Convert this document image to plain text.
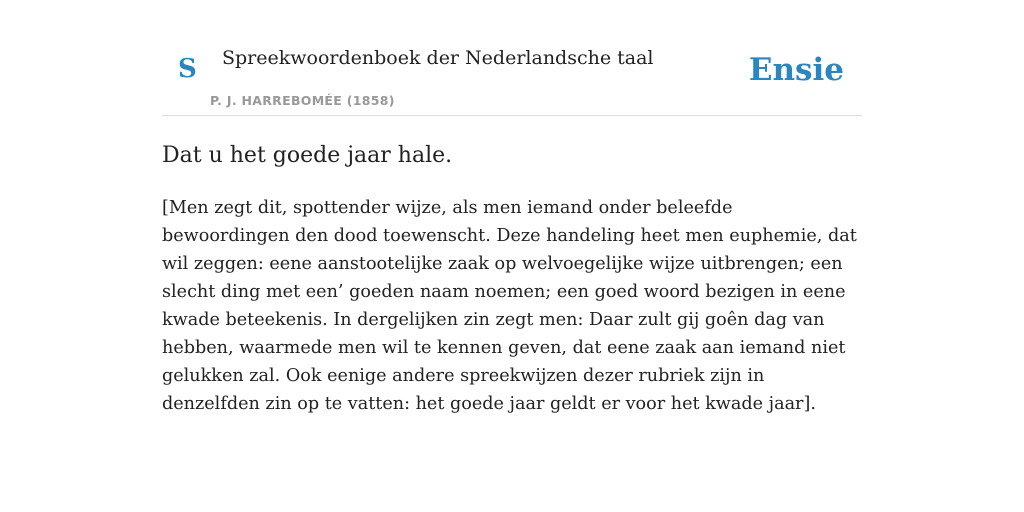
S Spreekwoordenboek der Nederlandsche taal
P. J. HARREBOMÉE (1858)
Ensie
Dat u het goede jaar hale.

[Men zegt dit, spottender wijze, als men iemand onder beleefde bewoordingen den dood toewenscht. Deze handeling heet men euphemie, dat wil zeggen: eene aanstootelijke zaak op welvoegelijke wijze uitbrengen; een slecht ding met een’ goeden naam noemen; een goed woord bezigen in eene kwade beteekenis. In dergelijken zin zegt men: Daar zult gij goên dag van hebben, waarmede men wil te kennen geven, dat eene zaak aan iemand niet gelukken zal. Ook eenige andere spreekwijzen dezer rubriek zijn in denzelfden zin op te vatten: het goede jaar geldt er voor het kwade jaar].
